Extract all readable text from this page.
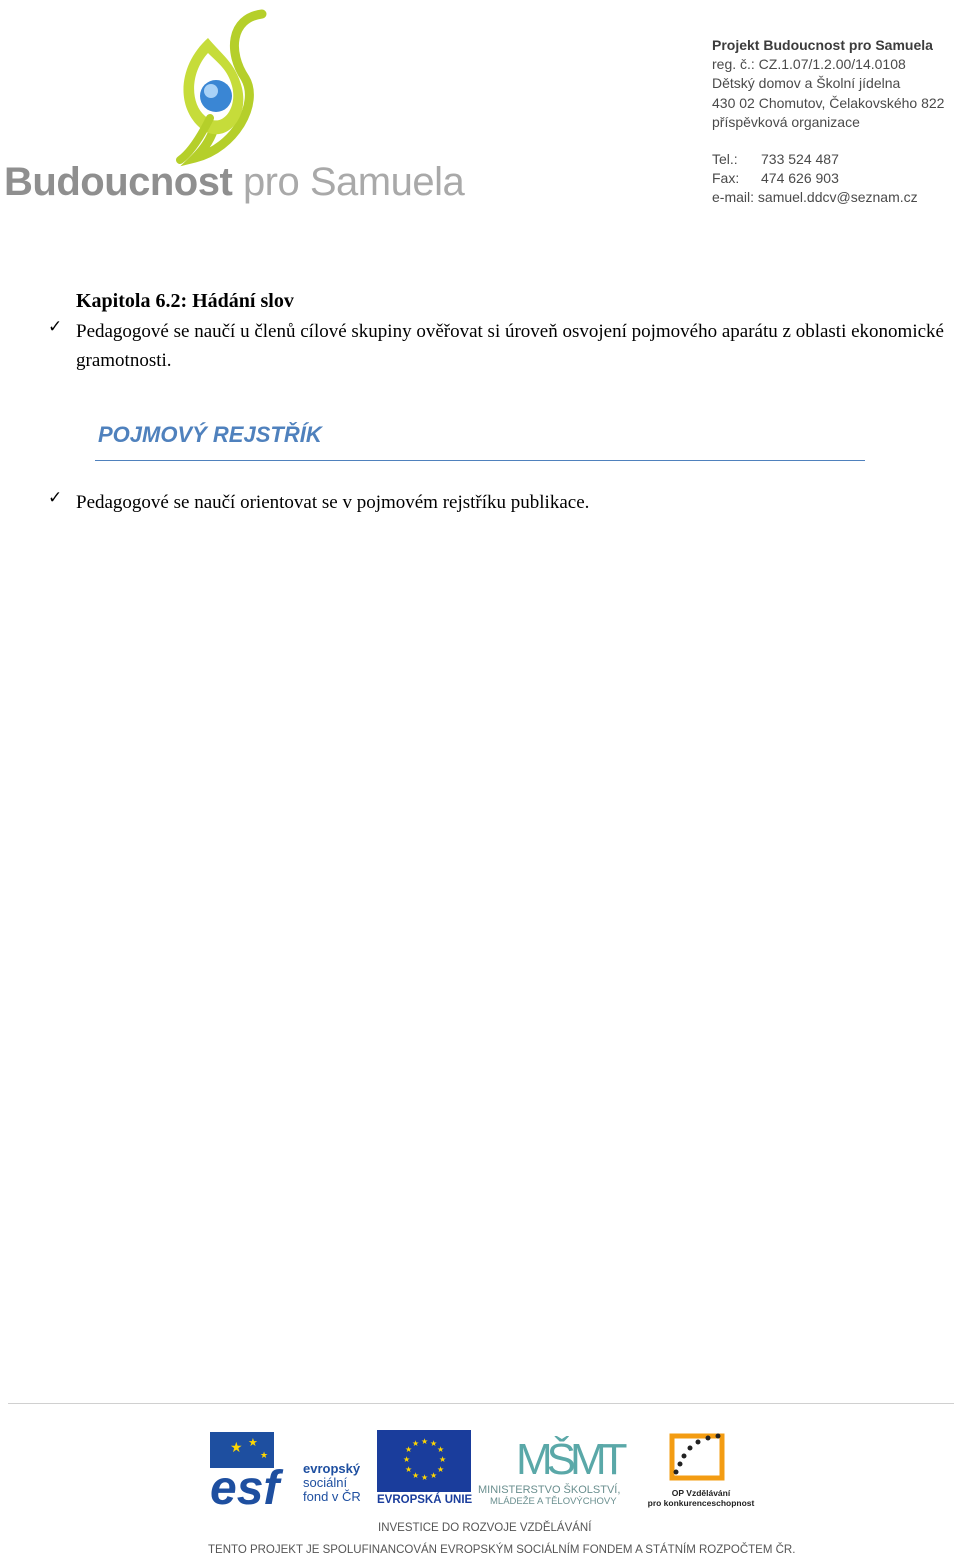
Budoucnost pro Samuela
Projekt Budoucnost pro Samuela
reg. č.: CZ.1.07/1.2.00/14.0108
Dětský domov a Školní jídelna
430 02 Chomutov, Čelakovského 822
příspěvková organizace
Tel.: 733 524 487
Fax: 474 626 903
e-mail: samuel.ddcv@seznam.cz
Kapitola 6.2: Hádání slov
✓ Pedagogové se naučí u členů cílové skupiny ověřovat si úroveň osvojení pojmového aparátu z oblasti ekonomické gramotnosti.
POJMOVÝ REJSTŘÍK
✓ Pedagogové se naučí orientovat se v pojmovém rejstříku publikace.
★ ★
★
esf	evropský
sociální
fond v ČR
★ ★
★
★
★
★
★
★
★
★
★
★
EVROPSKÁ UNIE
MŠMT
MINISTERSTVO ŠKOLSTVÍ,
MLÁDEŽE A TĚLOVÝCHOVY
OP Vzdělávání
pro konkurenceschopnost
INVESTICE DO ROZVOJE VZDĚLÁVÁNÍ
TENTO PROJEKT JE SPOLUFINANCOVÁN EVROPSKÝM SOCIÁLNÍM FONDEM A STÁTNÍM ROZPOČTEM ČR.
